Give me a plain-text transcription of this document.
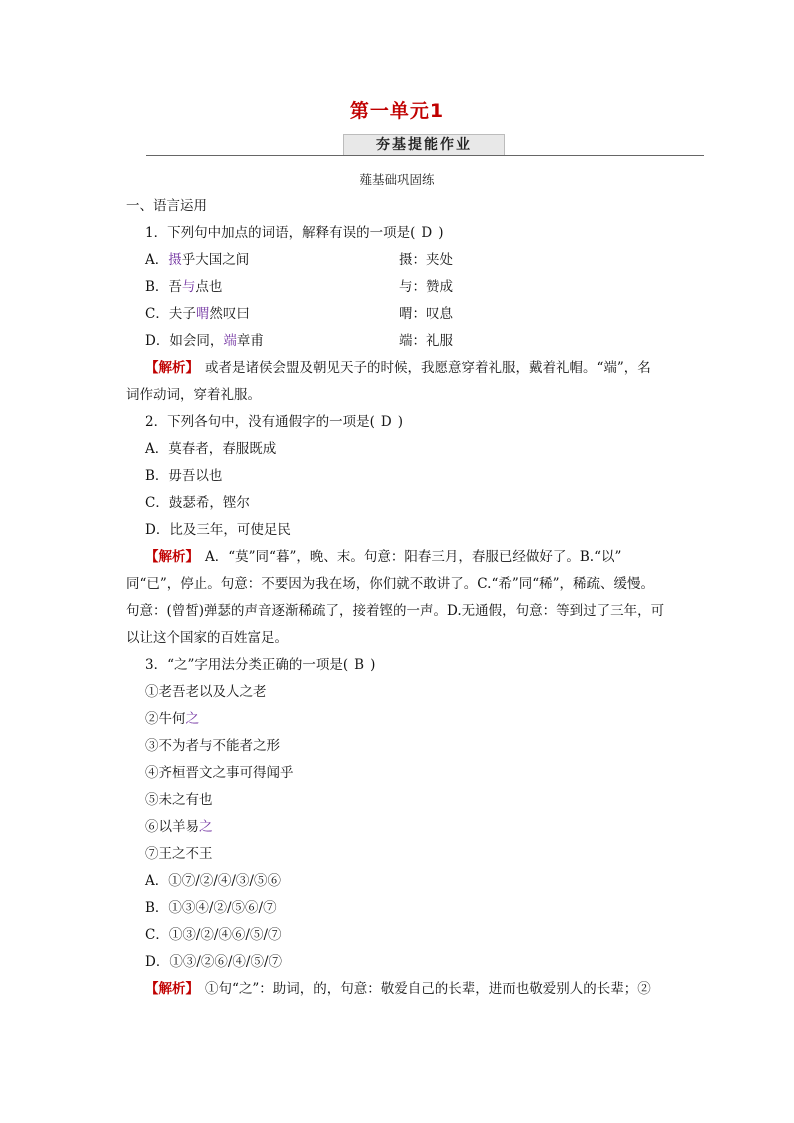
第一单元1
夯基提能作业
薤基础巩固练
一、语言运用
1．下列句中加点的词语，解释有误的一项是( D )
A．摄乎大国之间	摄：夹处
B．吾与点也	与：赞成
C．夫子喟然叹曰	喟：叹息
D．如会同，端章甫	端：礼服
【解析】 或者是诸侯会盟及朝见天子的时候，我愿意穿着礼服，戴着礼帽。“端”，名
词作动词，穿着礼服。
2．下列各句中，没有通假字的一项是( D )
A．莫春者，春服既成
B．毋吾以也
C．鼓瑟希，铿尔
D．比及三年，可使足民
【解析】 A．“莫”同“暮”，晚、末。句意：阳春三月，春服已经做好了。B.“以”
同“已”，停止。句意：不要因为我在场，你们就不敢讲了。C.“希”同“稀”，稀疏、缓慢。
句意：(曾皙)弹瑟的声音逐渐稀疏了，接着铿的一声。D.无通假，句意：等到过了三年，可
以让这个国家的百姓富足。
3．“之”字用法分类正确的一项是( B )
①老吾老以及人之老
②牛何之
③不为者与不能者之形
④齐桓晋文之事可得闻乎
⑤未之有也
⑥以羊易之
⑦王之不王
A．①⑦/②/④/③/⑤⑥
B．①③④/②/⑤⑥/⑦
C．①③/②/④⑥/⑤/⑦
D．①③/②⑥/④/⑤/⑦
【解析】 ①句“之”：助词，的，句意：敬爱自己的长辈，进而也敬爱别人的长辈；②
